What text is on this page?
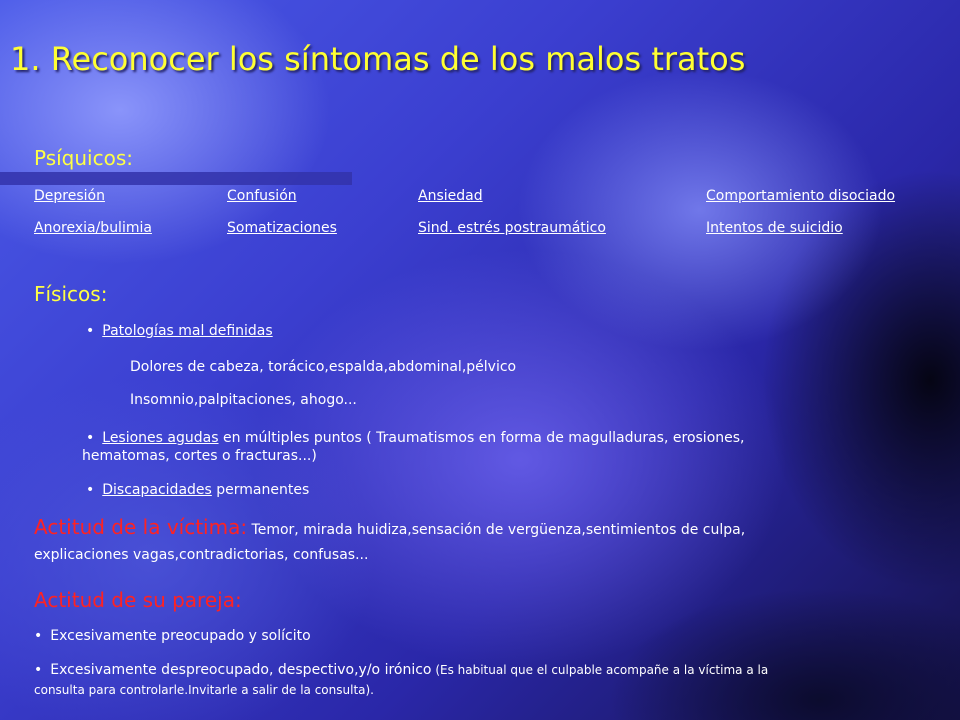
1. Reconocer los síntomas de los malos tratos
Psíquicos:
Depresión	Confusión	Ansiedad	Comportamiento disociado
Anorexia/bulimia	Somatizaciones	Sind. estrés postraumático	Intentos de suicidio
Físicos:
• Patologías mal definidas
Dolores de cabeza, torácico,espalda,abdominal,pélvico
Insomnio,palpitaciones, ahogo...
• Lesiones agudas en múltiples puntos ( Traumatismos en forma de magulladuras, erosiones,
hematomas, cortes o fracturas...)
• Discapacidades permanentes
Actitud de la víctima: Temor, mirada huidiza,sensación de vergüenza,sentimientos de culpa,
explicaciones vagas,contradictorias, confusas...
Actitud de su pareja:
• Excesivamente preocupado y solícito
• Excesivamente despreocupado, despectivo,y/o irónico (Es habitual que el culpable acompañe a la víctima a la
consulta para controlarle.Invitarle a salir de la consulta).
